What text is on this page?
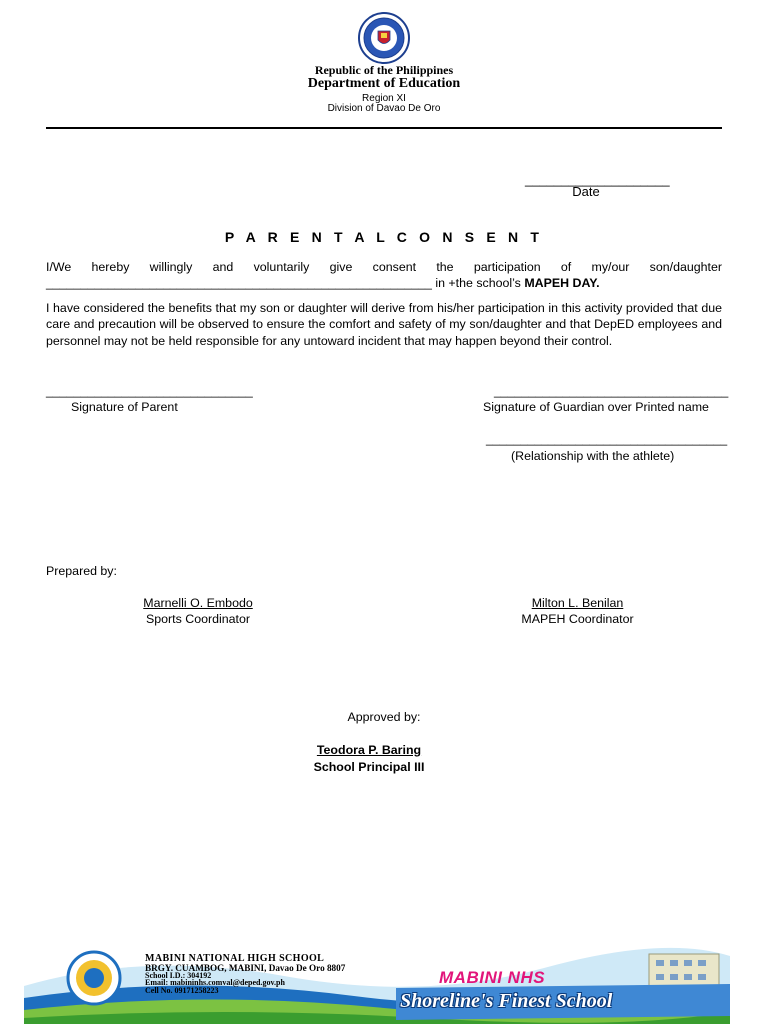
Republic of the Philippines
Department of Education
Region XI
Division of Davao De Oro
____________________
Date
P A R E N T A L C O N S E N T
I/We hereby willingly and voluntarily give consent the participation of my/our son/daughter
________________________________________________________ in +the school’s MAPEH DAY.
I have considered the benefits that my son or daughter will derive from his/her participation in this activity provided that due care and precaution will be observed to ensure the comfort and safety of my son/daughter and that DepED employees and personnel may not be held responsible for any untoward incident that may happen beyond their control.
______________________________
Signature of Parent
__________________________________
Signature of Guardian over Printed name
___________________________________
(Relationship with the athlete)
Prepared by:
Marnelli O. Embodo
Sports Coordinator
Milton L. Benilan
MAPEH Coordinator
Approved by:
Teodora P. Baring
School Principal III
MABINI NATIONAL HIGH SCHOOL
BRGY. CUAMBOG, MABINI, Davao De Oro 8807
School I.D.: 304192
Email: mabininhs.comval@deped.gov.ph
Cell No. 09171258223
MABINI NHS
Shoreline's Finest School
